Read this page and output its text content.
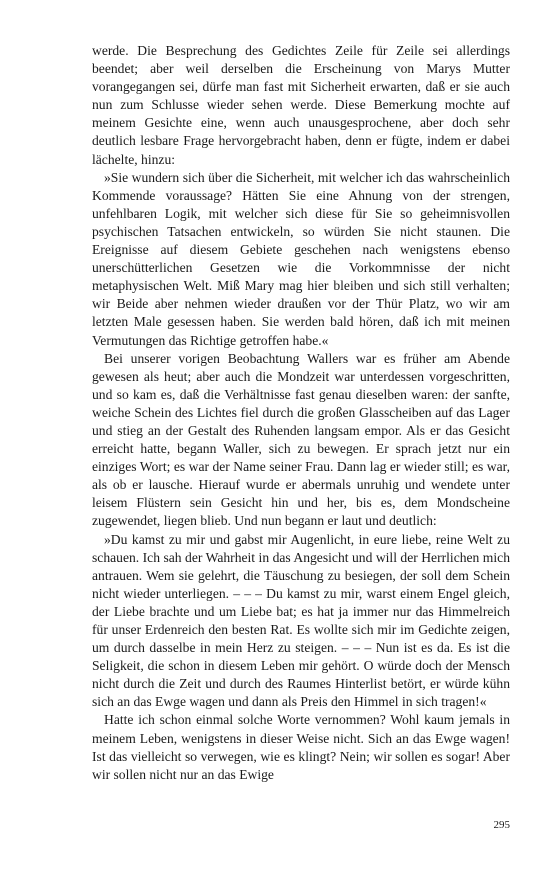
werde. Die Besprechung des Gedichtes Zeile für Zeile sei allerdings beendet; aber weil derselben die Erscheinung von Marys Mutter vorangegangen sei, dürfe man fast mit Sicherheit erwarten, daß er sie auch nun zum Schlusse wieder sehen werde. Diese Bemerkung mochte auf meinem Gesichte eine, wenn auch unausgesprochene, aber doch sehr deutlich lesbare Frage hervorgebracht haben, denn er fügte, indem er dabei lächelte, hinzu:

»Sie wundern sich über die Sicherheit, mit welcher ich das wahrscheinlich Kommende voraussage? Hätten Sie eine Ahnung von der strengen, unfehlbaren Logik, mit welcher sich diese für Sie so geheimnisvollen psychischen Tatsachen entwickeln, so würden Sie nicht staunen. Die Ereignisse auf diesem Gebiete geschehen nach wenigstens ebenso unerschütterlichen Gesetzen wie die Vorkommnisse der nicht metaphysischen Welt. Miß Mary mag hier bleiben und sich still verhalten; wir Beide aber nehmen wieder draußen vor der Thür Platz, wo wir am letzten Male gesessen haben. Sie werden bald hören, daß ich mit meinen Vermutungen das Richtige getroffen habe.«

Bei unserer vorigen Beobachtung Wallers war es früher am Abende gewesen als heut; aber auch die Mondzeit war unterdessen vorgeschritten, und so kam es, daß die Verhältnisse fast genau dieselben waren: der sanfte, weiche Schein des Lichtes fiel durch die großen Glasscheiben auf das Lager und stieg an der Gestalt des Ruhenden langsam empor. Als er das Gesicht erreicht hatte, begann Waller, sich zu bewegen. Er sprach jetzt nur ein einziges Wort; es war der Name seiner Frau. Dann lag er wieder still; es war, als ob er lausche. Hierauf wurde er abermals unruhig und wendete unter leisem Flüstern sein Gesicht hin und her, bis es, dem Mondscheine zugewendet, liegen blieb. Und nun begann er laut und deutlich:

»Du kamst zu mir und gabst mir Augenlicht, in eure liebe, reine Welt zu schauen. Ich sah der Wahrheit in das Angesicht und will der Herrlichen mich antrauen. Wem sie gelehrt, die Täuschung zu besiegen, der soll dem Schein nicht wieder unterliegen. – – – Du kamst zu mir, warst einem Engel gleich, der Liebe brachte und um Liebe bat; es hat ja immer nur das Himmelreich für unser Erdenreich den besten Rat. Es wollte sich mir im Gedichte zeigen, um durch dasselbe in mein Herz zu steigen. – – – Nun ist es da. Es ist die Seligkeit, die schon in diesem Leben mir gehört. O würde doch der Mensch nicht durch die Zeit und durch des Raumes Hinterlist betört, er würde kühn sich an das Ewge wagen und dann als Preis den Himmel in sich tragen!«

Hatte ich schon einmal solche Worte vernommen? Wohl kaum jemals in meinem Leben, wenigstens in dieser Weise nicht. Sich an das Ewge wagen! Ist das vielleicht so verwegen, wie es klingt? Nein; wir sollen es sogar! Aber wir sollen nicht nur an das Ewige

295
